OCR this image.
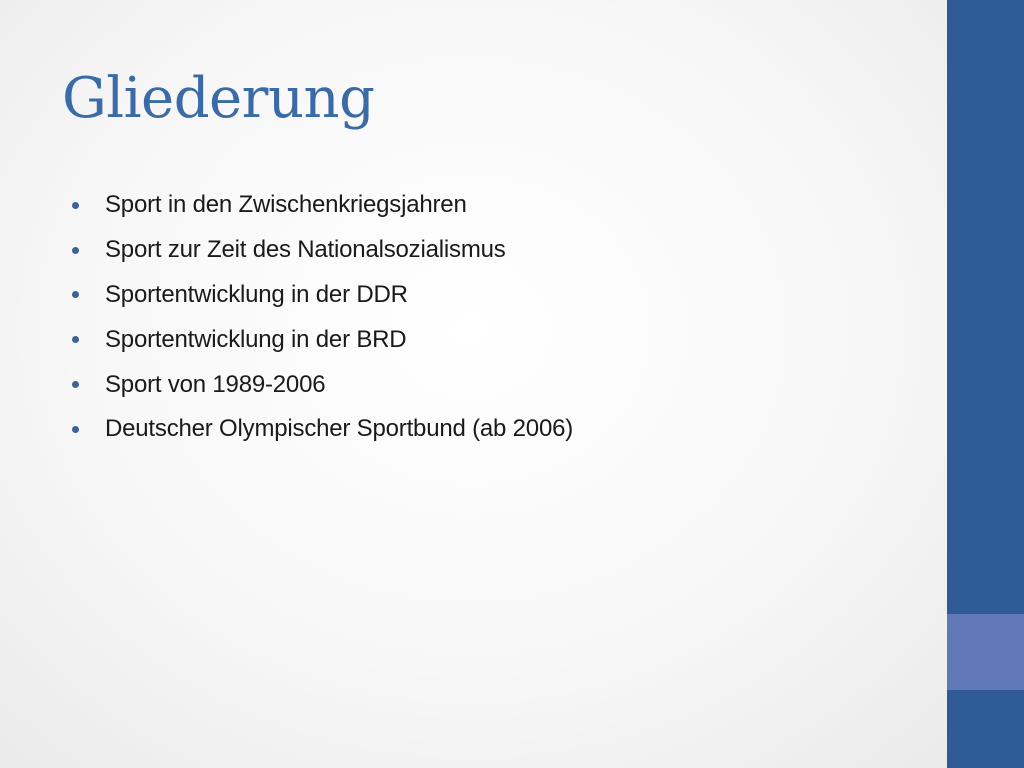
Gliederung
Sport in den Zwischenkriegsjahren
Sport zur Zeit des Nationalsozialismus
Sportentwicklung in der DDR
Sportentwicklung in der BRD
Sport von 1989-2006
Deutscher Olympischer Sportbund (ab 2006)
